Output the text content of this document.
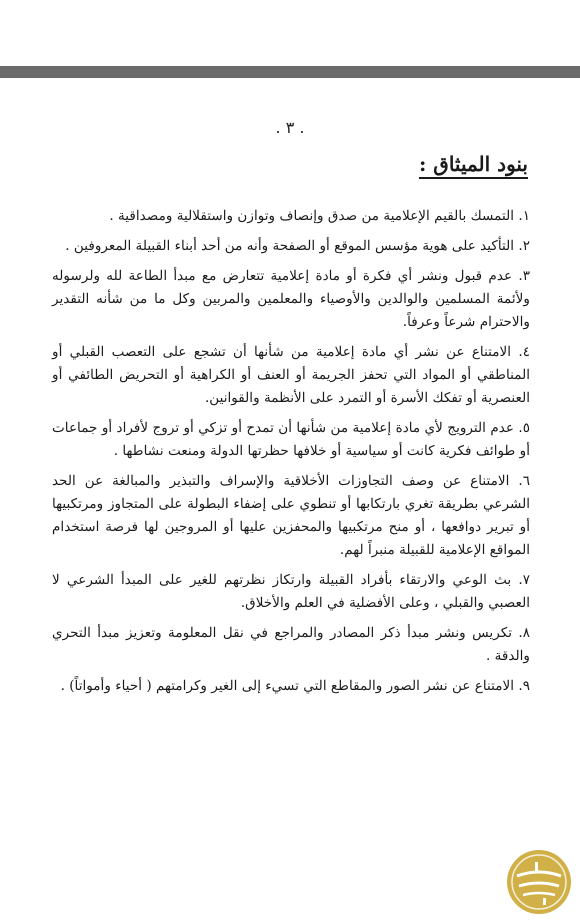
. ٣ .
بنود الميثاق :

١. التمسك بالقيم الإعلامية من صدق وإنصاف وتوازن واستقلالية ومصداقية .

٢. التأكيد على هوية مؤسس الموقع أو الصفحة وأنه من أحد أبناء القبيلة المعروفين .

٣. عدم قبول ونشر أي فكرة أو مادة إعلامية تتعارض مع مبدأ الطاعة لله ولرسوله ولأئمة المسلمين والوالدين والأوصياء والمعلمين والمربين وكل ما من شأنه التقدير والاحترام شرعاً وعرفاً.

٤. الامتناع عن نشر أي مادة إعلامية من شأنها أن تشجع على التعصب القبلي أو المناطقي أو المواد التي تحفز الجريمة أو العنف أو الكراهية أو التحريض الطائفي أو العنصرية أو تفكك الأسرة أو التمرد على الأنظمة والقوانين.

٥. عدم الترويج لأي مادة إعلامية من شأنها أن تمدح أو تزكي أو تروج لأفراد أو جماعات أو طوائف فكرية كانت أو سياسية أو خلافها حظرتها الدولة ومنعت نشاطها .

٦. الامتناع عن وصف التجاوزات الأخلاقية والإسراف والتبذير والمبالغة عن الحد الشرعي بطريقة تغري بارتكابها أو تنطوي على إضفاء البطولة على المتجاوز ومرتكبيها أو تبرير دوافعها ، أو منح مرتكبيها والمحفزين عليها أو المروجين لها فرصة استخدام المواقع الإعلامية للقبيلة منبراً لهم.

٧. بث الوعي والارتقاء بأفراد القبيلة وارتكاز نظرتهم للغير على المبدأ الشرعي لا العصبي والقبلي ، وعلى الأفضلية في العلم والأخلاق.

٨. تكريس ونشر مبدأ ذكر المصادر والمراجع في نقل المعلومة وتعزيز مبدأ التحري والدقة .

٩. الامتناع عن نشر الصور والمقاطع التي تسيء إلى الغير وكرامتهم ( أحياء وأمواتاً) .
